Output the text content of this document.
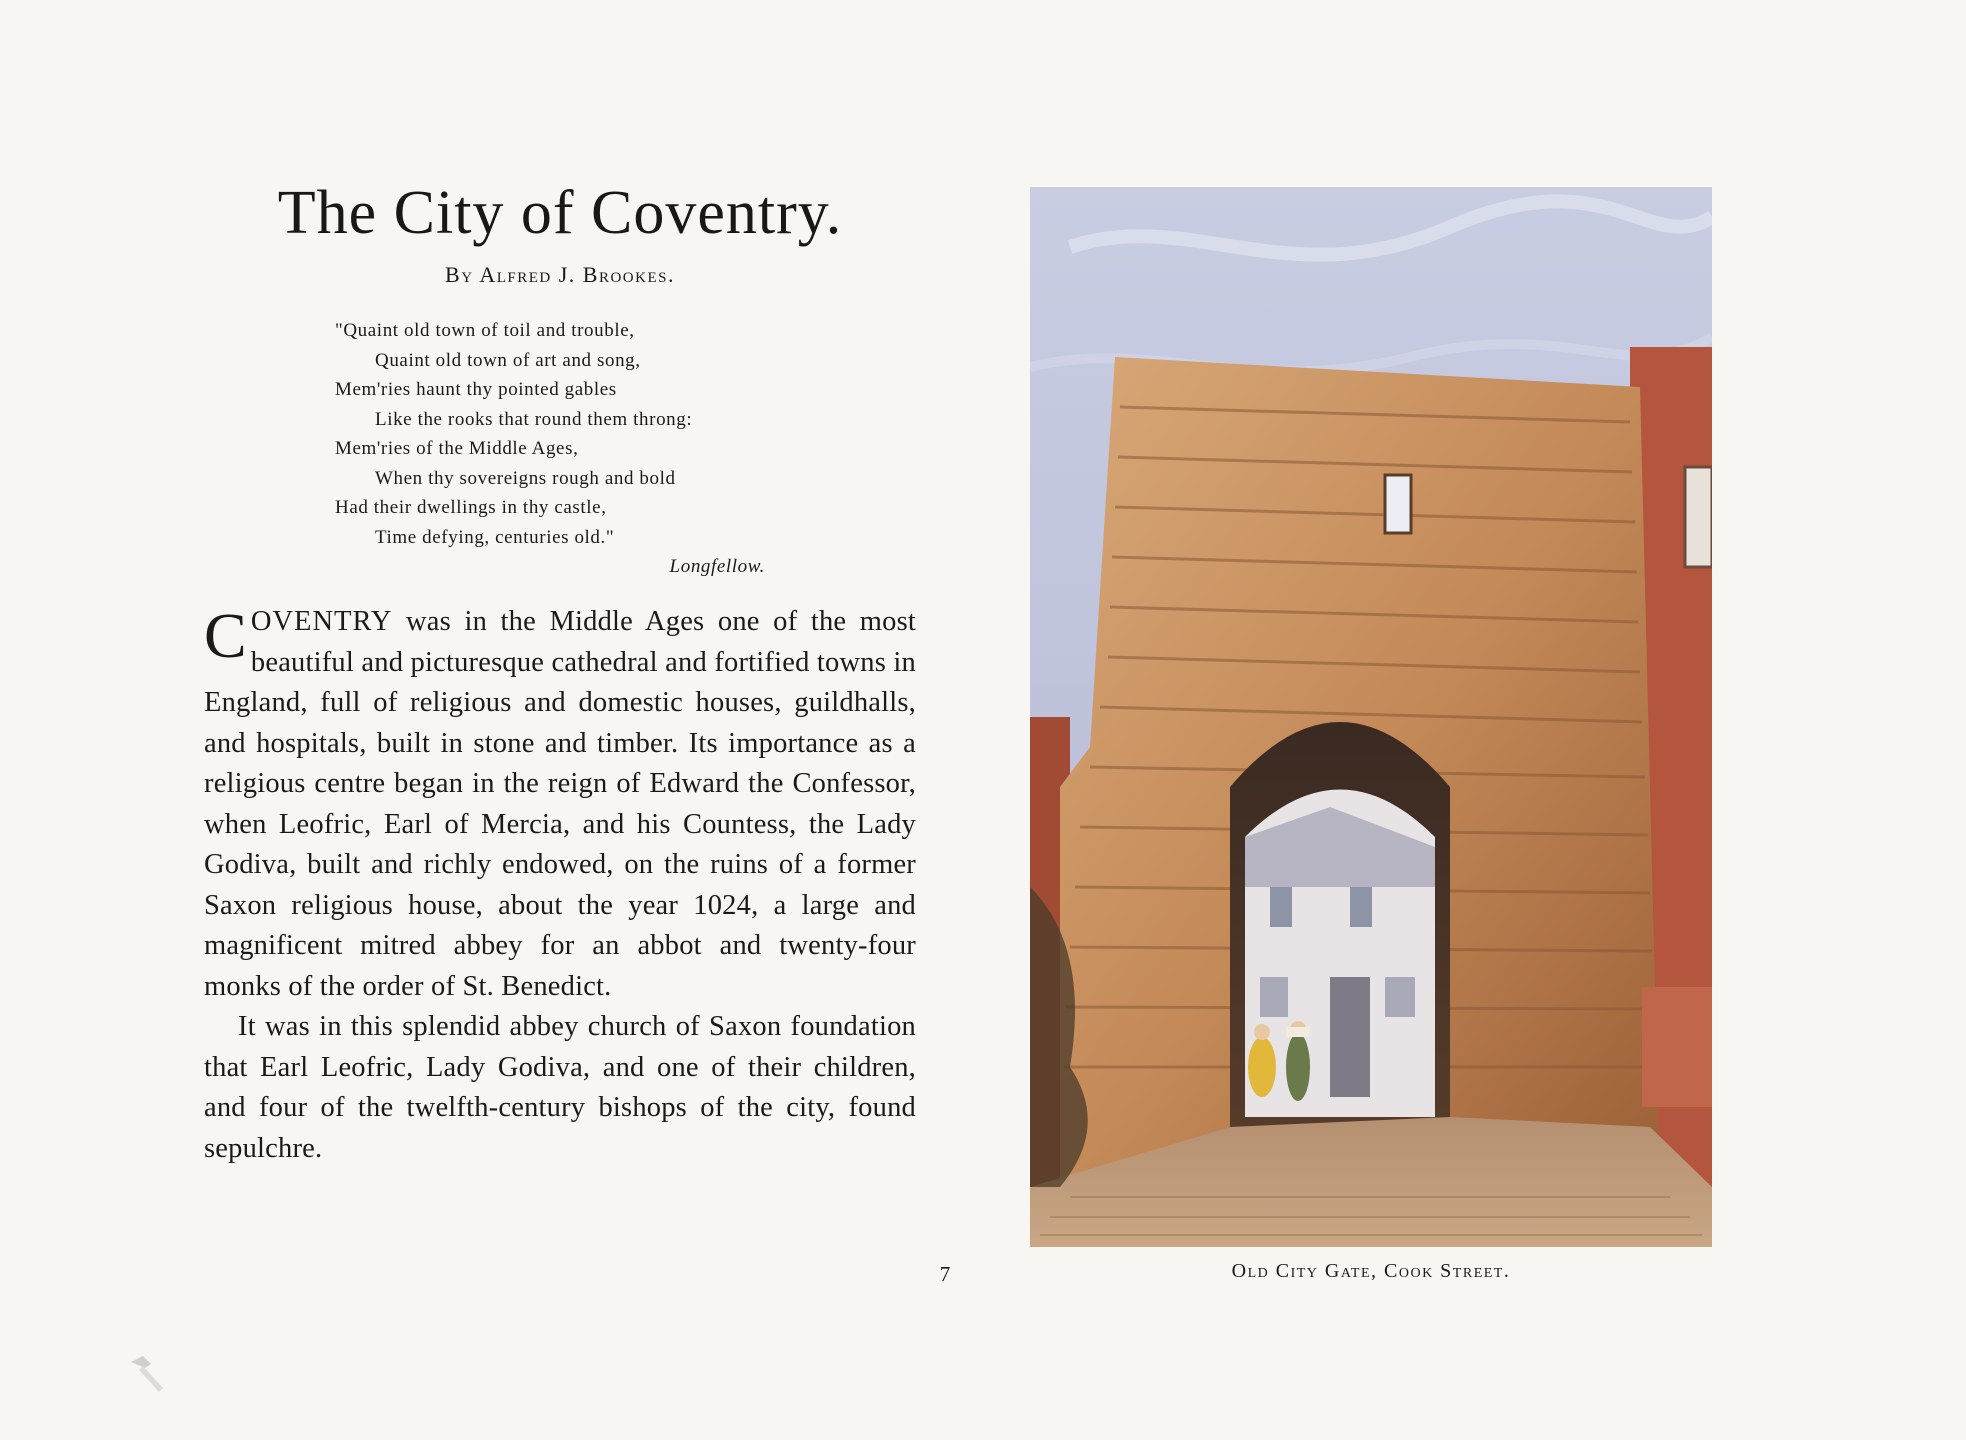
The City of Coventry.
By Alfred J. Brookes.
"Quaint old town of toil and trouble,
Quaint old town of art and song,
Mem'ries haunt thy pointed gables
Like the rooks that round them throng:
Mem'ries of the Middle Ages,
When thy sovereigns rough and bold
Had their dwellings in thy castle,
Time defying, centuries old."
Longfellow.

COVENTRY was in the Middle Ages one of the most beautiful and picturesque cathedral and fortified towns in England, full of religious and domestic houses, guildhalls, and hospitals, built in stone and timber. Its importance as a religious centre began in the reign of Edward the Confessor, when Leofric, Earl of Mercia, and his Countess, the Lady Godiva, built and richly endowed, on the ruins of a former Saxon religious house, about the year 1024, a large and magnificent mitred abbey for an abbot and twenty-four monks of the order of St. Benedict.

It was in this splendid abbey church of Saxon foundation that Earl Leofric, Lady Godiva, and one of their children, and four of the twelfth-century bishops of the city, found sepulchre.

7	Old City Gate, Cook Street.
